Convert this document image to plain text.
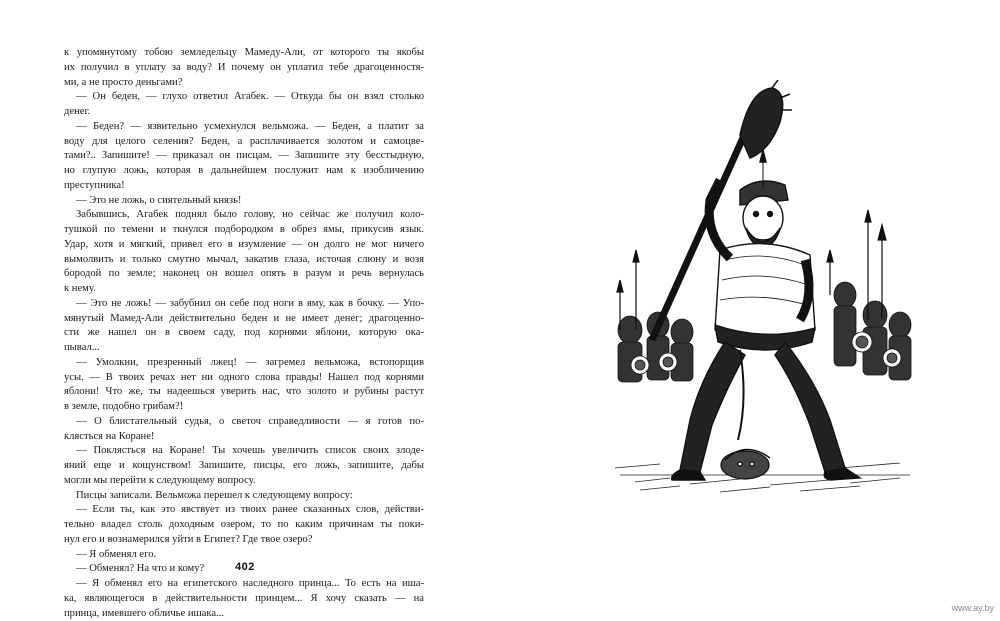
к упомянутому тобою земледельцу Мамеду-Али, от которого ты якобы
их получил в уплату за воду? И почему он уплатил тебе драгоценностя-
ми, а не просто деньгами?
— Он беден, — глухо ответил Агабек. — Откуда бы он взял столько
денег.
— Беден? — язвительно усмехнулся вельможа. — Беден, а платит за
воду для целого селения? Беден, а расплачивается золотом и самоцве-
тами?.. Запишите! — приказал он писцам. — Запишите эту бесстыдную,
но глупую ложь, которая в дальнейшем послужит нам к изобличению
преступника!
— Это не ложь, о сиятельный князь!
Забывшись, Агабек поднял было голову, но сейчас же получил коло-
тушкой по темени и ткнулся подбородком в обрез ямы, прикусив язык.
Удар, хотя и мягкий, привел его в изумление — он долго не мог ничего
вымолвить и только смутно мычал, закатив глаза, источая слюну и возя
бородой по земле; наконец он вошел опять в разум и речь вернулась
к нему.
— Это не ложь! — забубнил он себе под ноги в яму, как в бочку. — Упо-
мянутый Мамед-Али действительно беден и не имеет денег; драгоценно-
сти же нашел он в своем саду, под корнями яблони, которую ока-
пывал...
— Умолкни, презренный лжец! — загремел вельможа, встопорщив
усы. — В твоих речах нет ни одного слова правды! Нашел под корнями
яблони! Что же, ты надеешься уверить нас, что золото и рубины растут
в земле, подобно грибам?!
— О блистательный судья, о светоч справедливости — я готов по-
клясться на Коране!
— Поклясться на Коране! Ты хочешь увеличить список своих злоде-
яний еще и кощунством! Запишите, писцы, его ложь, запишите, дабы
могли мы перейти к следующему вопросу.
Писцы записали. Вельможа перешел к следующему вопросу:
— Если ты, как это явствует из твоих ранее сказанных слов, действи-
тельно владел столь доходным озером, то по каким причинам ты поки-
нул его и вознамерился уйти в Египет? Где твое озеро?
— Я обменял его.
— Обменял? На что и кому?
— Я обменял его на египетского наследного принца... То есть на иша-
ка, являющегося в действительности принцем... Я хочу сказать — на
принца, имевшего обличье ишака...
402
www.ay.by
